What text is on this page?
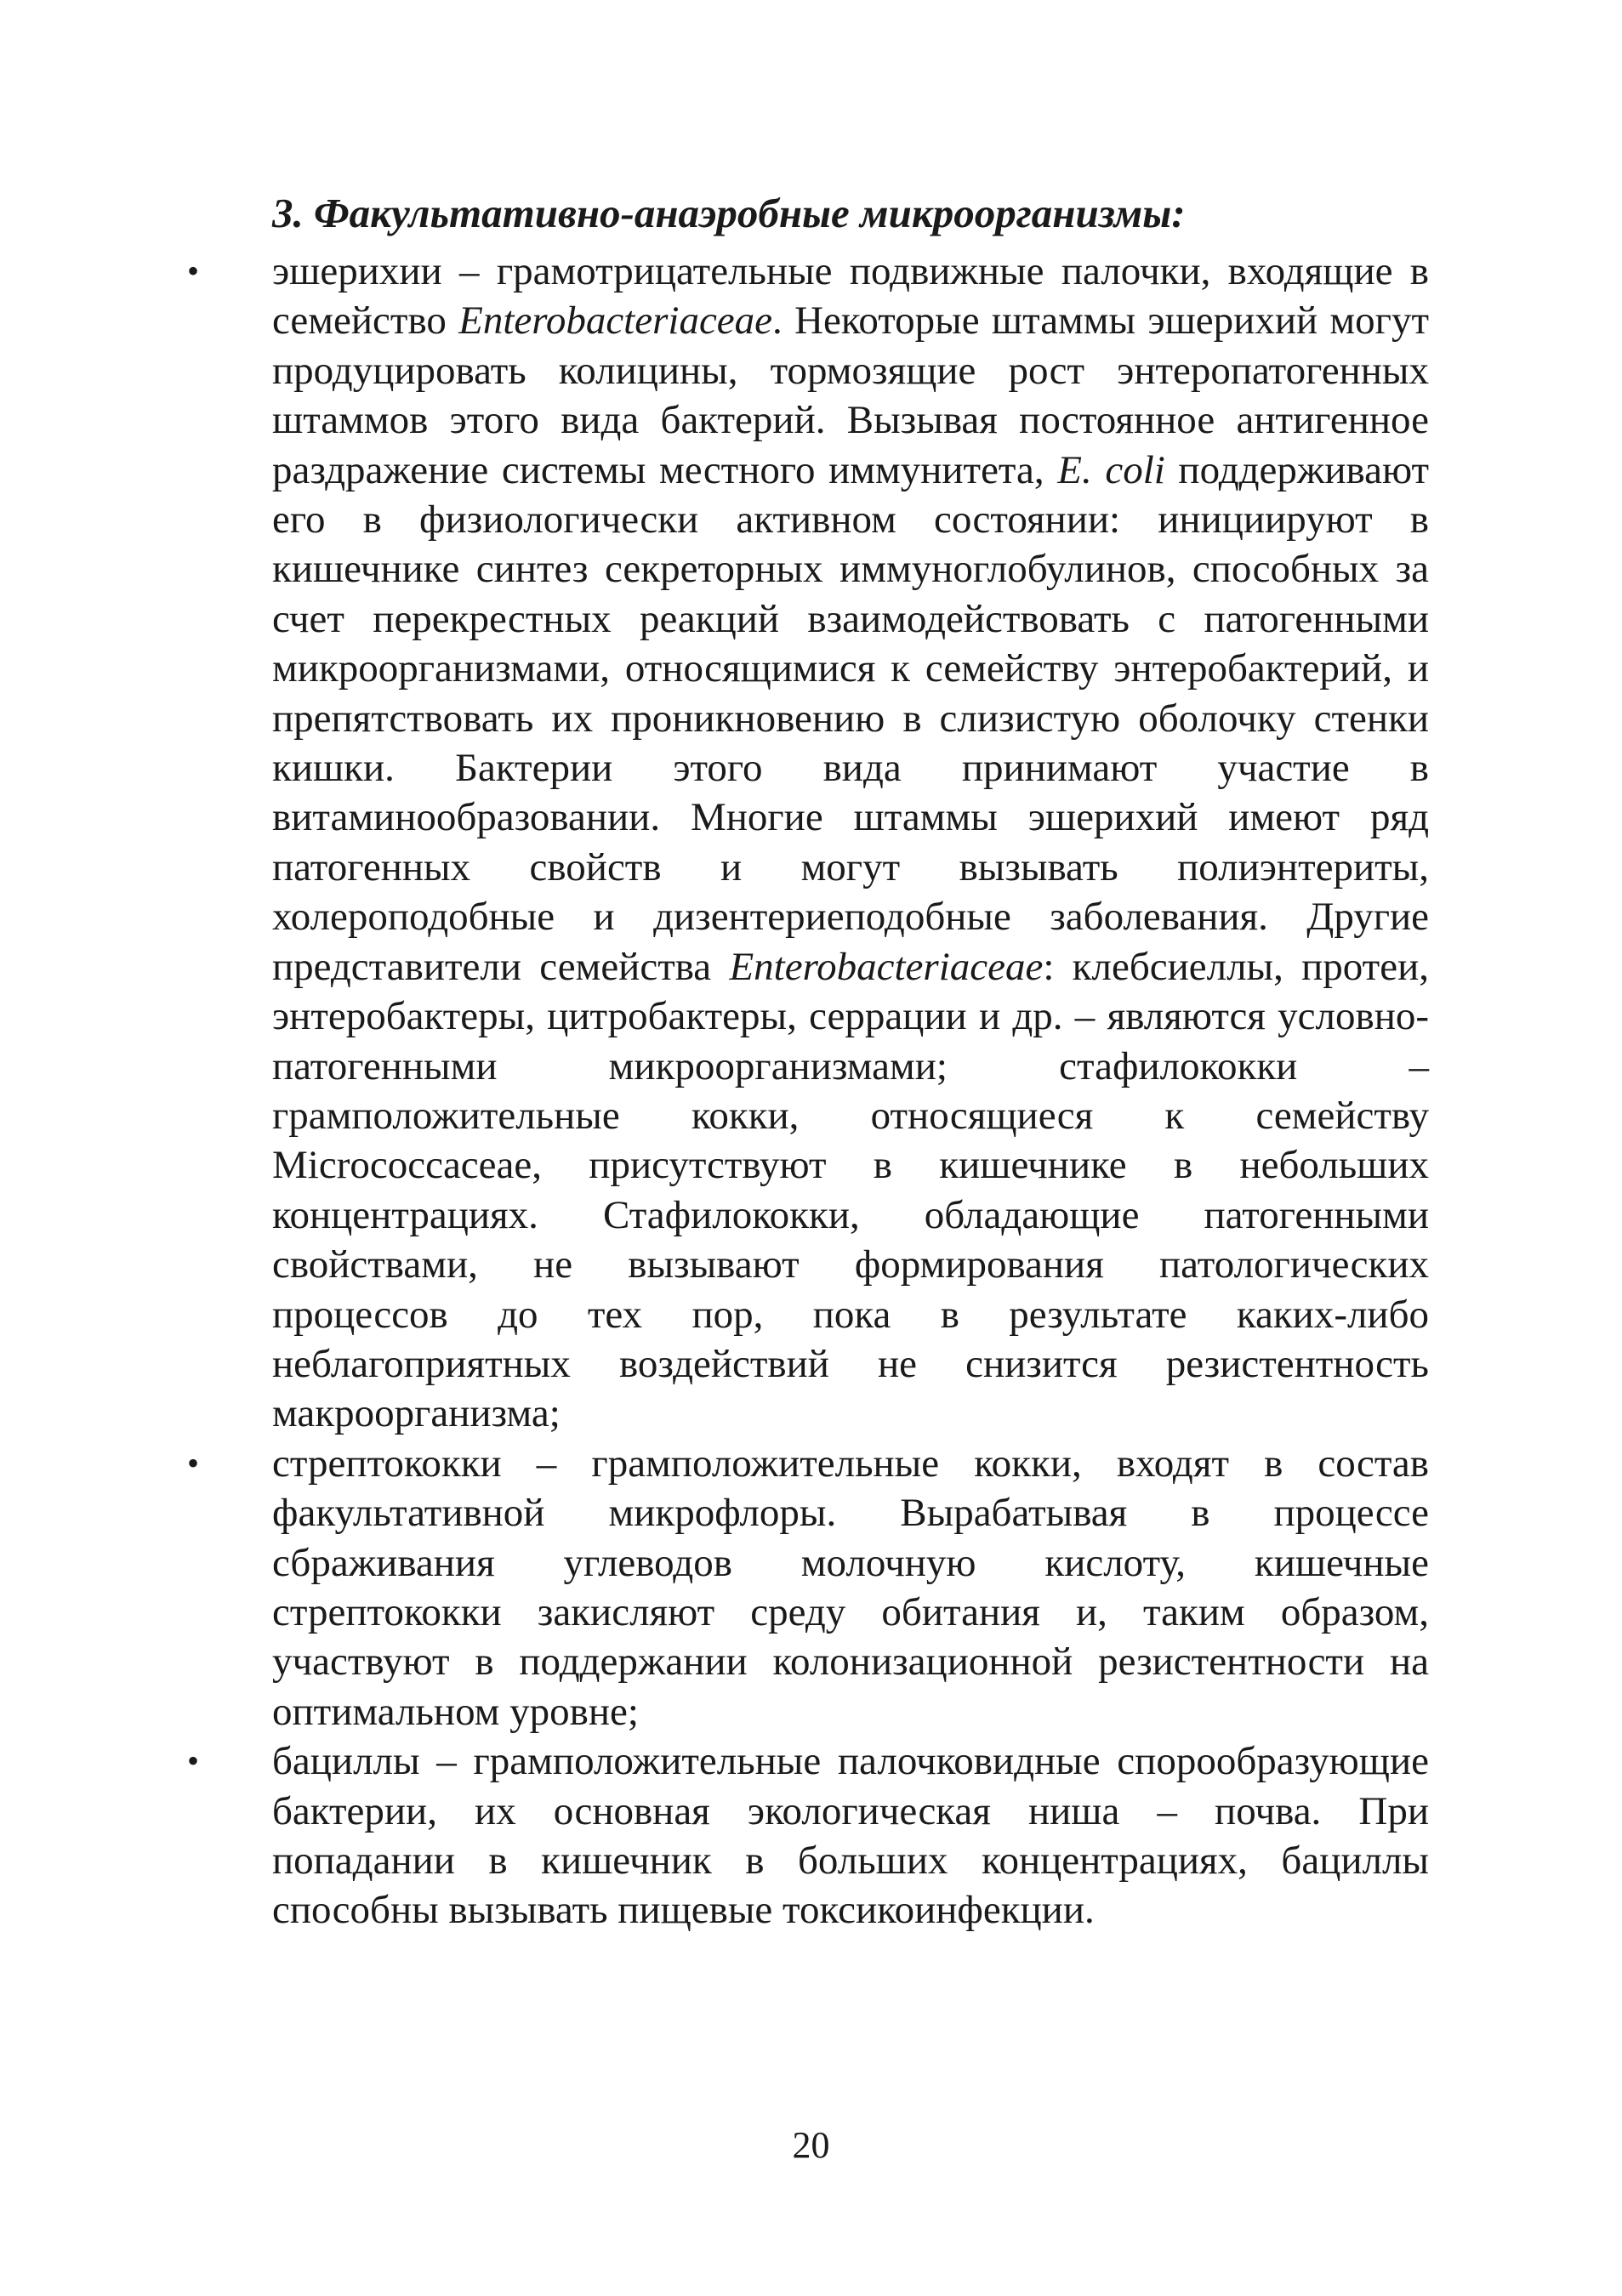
3. Факультативно-анаэробные микроорганизмы:
•	эшерихии – грамотрицательные подвижные палочки, входящие в семейство Enterobacteriaceae. Некоторые штаммы эшерихий могут продуцировать колицины, тормозящие рост энтеропатогенных штаммов этого вида бактерий. Вызывая постоянное антигенное раздражение системы местного иммунитета, E. coli поддерживают его в физиологически активном состоянии: инициируют в кишечнике синтез секреторных иммуноглобулинов, способных за счет перекрестных реакций взаимодействовать с патогенными микроорганизмами, относящимися к семейству энтеробактерий, и препятствовать их проникновению в слизистую оболочку стенки кишки. Бактерии этого вида принимают участие в витаминообразовании. Многие штаммы эшерихий имеют ряд патогенных свойств и могут вызывать полиэнтериты, холероподобные и дизентериеподобные заболевания. Другие представители семейства Enterobacteriaceae: клебсиеллы, протеи, энтеробактеры, цитробактеры, серрации и др. – являются условно-патогенными микроорганизмами; стафилококки – грамположительные кокки, относящиеся к семейству Micrococcaceae, присутствуют в кишечнике в небольших концентрациях. Стафилококки, обладающие патогенными свойствами, не вызывают формирования патологических процессов до тех пор, пока в результате каких-либо неблагоприятных воздействий не снизится резистентность макроорганизма;
•	стрептококки – грамположительные кокки, входят в состав факультативной микрофлоры. Вырабатывая в процессе сбраживания углеводов молочную кислоту, кишечные стрептококки закисляют среду обитания и, таким образом, участвуют в поддержании колонизационной резистентности на оптимальном уровне;
•	бациллы – грамположительные палочковидные спорообразующие бактерии, их основная экологическая ниша – почва. При попадании в кишечник в больших концентрациях, бациллы способны вызывать пищевые токсикоинфекции.
20
